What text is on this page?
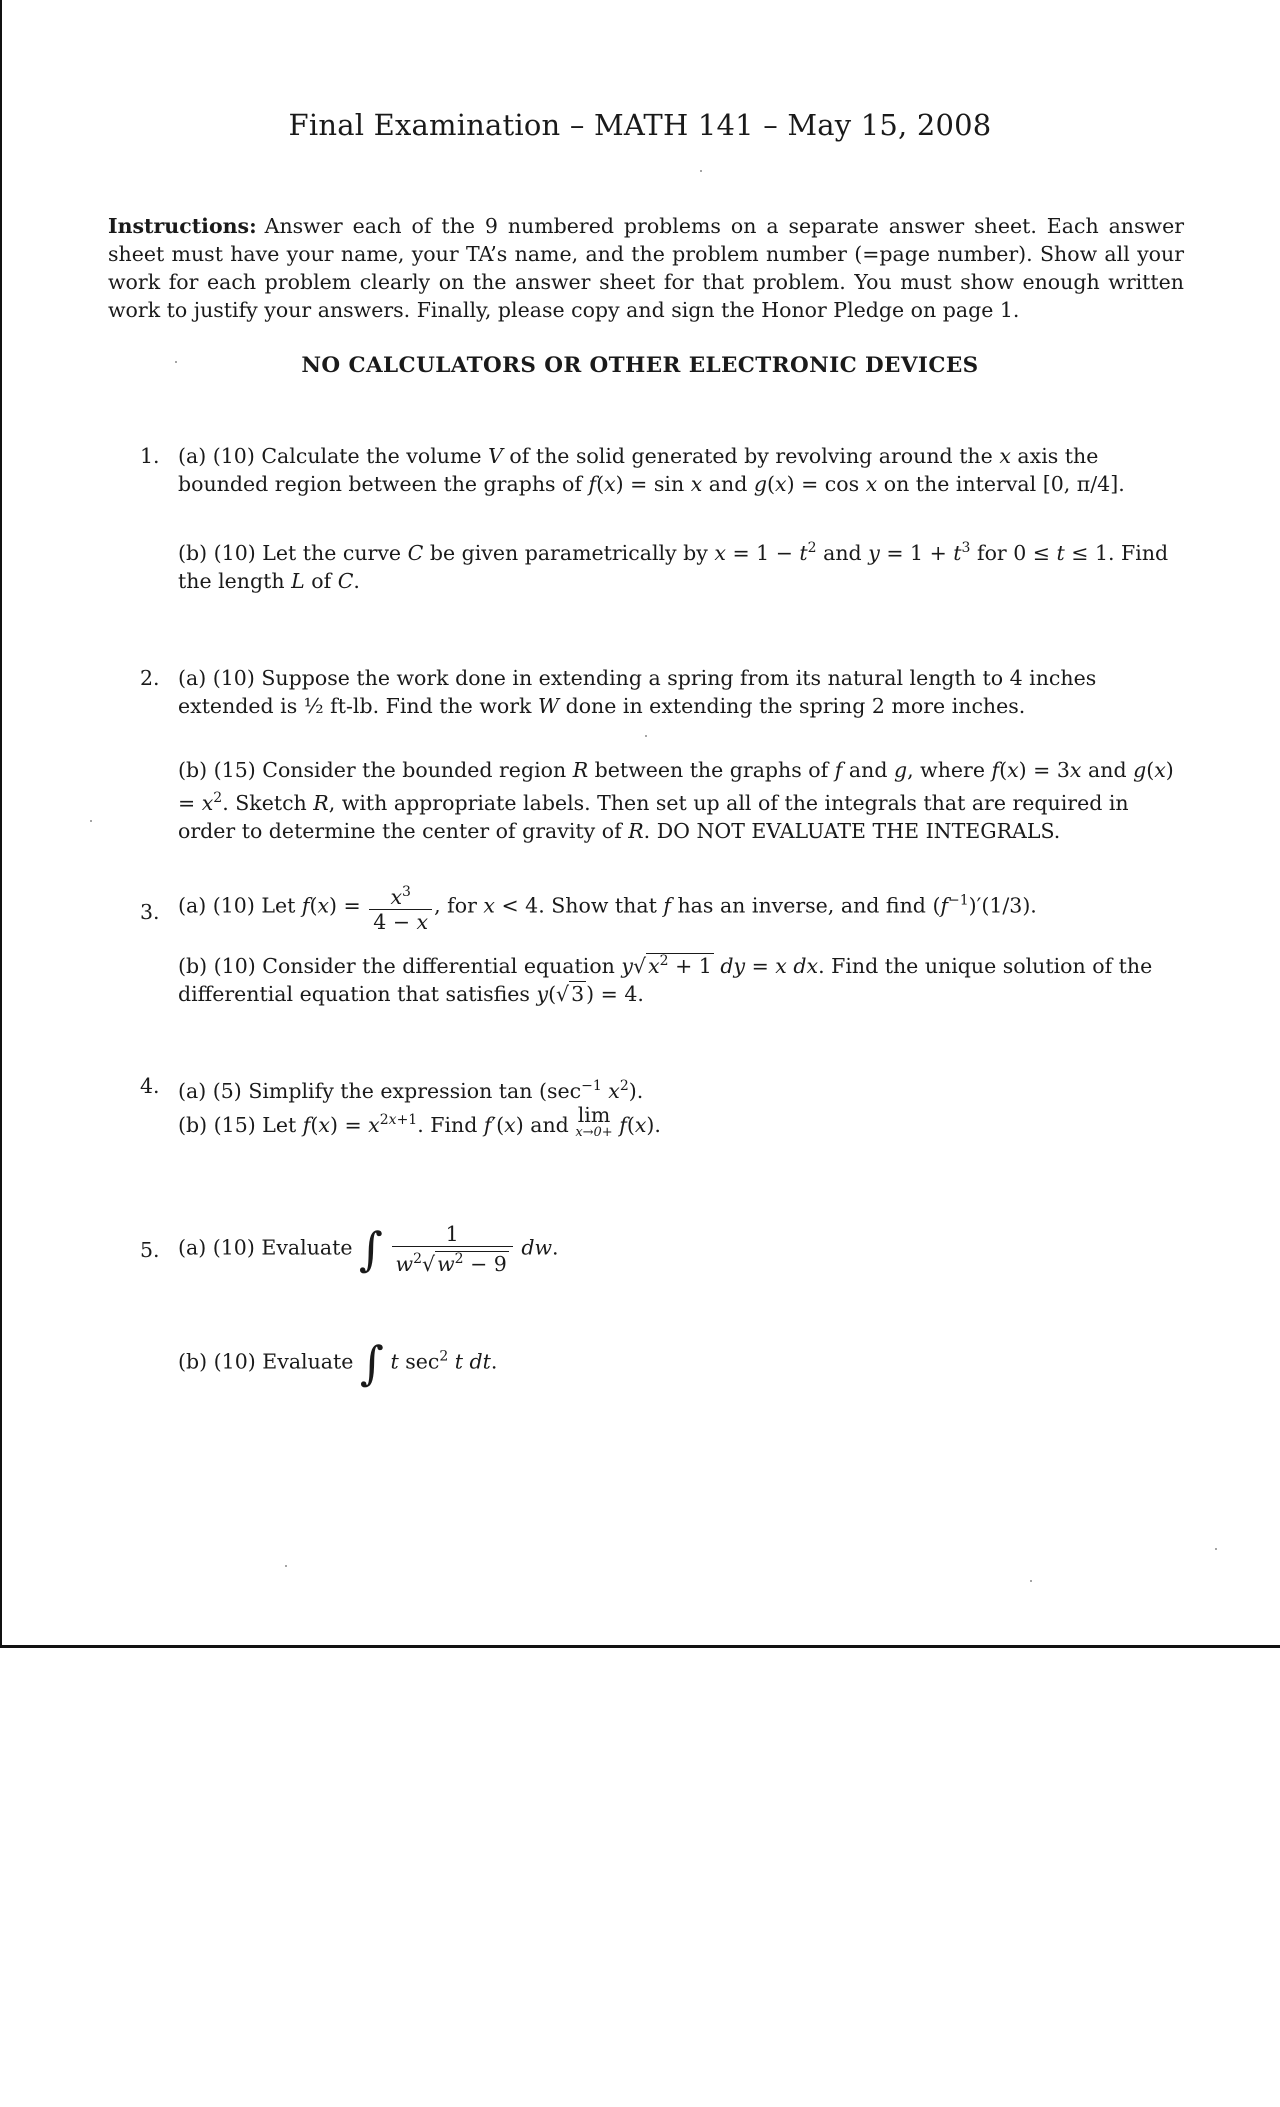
Final Examination – MATH 141 – May 15, 2008
Instructions: Answer each of the 9 numbered problems on a separate answer sheet. Each answer sheet must have your name, your TA’s name, and the problem number (=page number). Show all your work for each problem clearly on the answer sheet for that problem. You must show enough written work to justify your answers. Finally, please copy and sign the Honor Pledge on page 1.
NO CALCULATORS OR OTHER ELECTRONIC DEVICES
1. (a) (10) Calculate the volume V of the solid generated by revolving around the x axis the bounded region between the graphs of f(x) = sin x and g(x) = cos x on the interval [0, π/4].
(b) (10) Let the curve C be given parametrically by $x = 1 - t^2$ and $y = 1 + t^3$ for 0 ≤ t ≤ 1. Find the length L of C.
2. (a) (10) Suppose the work done in extending a spring from its natural length to 4 inches extended is ½ ft-lb. Find the work W done in extending the spring 2 more inches.
(b) (15) Consider the bounded region R between the graphs of f and g, where f(x) = 3x and $g(x) = x^2$. Sketch R, with appropriate labels. Then set up all of the integrals that are required in order to determine the center of gravity of R. DO NOT EVALUATE THE INTEGRALS.
3. (a) (10) Let $f(x) = \frac{x^3}{4 - x}$ , for x < 4. Show that f has an inverse, and find $(f^{-1})'(1/3)$.
(b) (10) Consider the differential equation $y√x^2 + 1$ dy = x dx. Find the unique solution of the differential equation that satisfies y(√3) = 4.
4. (a) (5) Simplify the expression $\tan (\sec^{-1}$ $x^2$).
(b) (15) Let $f(x) = x^{2x+1}$. Find f′(x) and lim
x→0+ f(x).
5. (a) (10) Evaluate ∫ $\frac{1}{w^2√w^2 - 9}$ dw.
(b) (10) Evaluate ∫ t $\sec^2 t$ dt.
